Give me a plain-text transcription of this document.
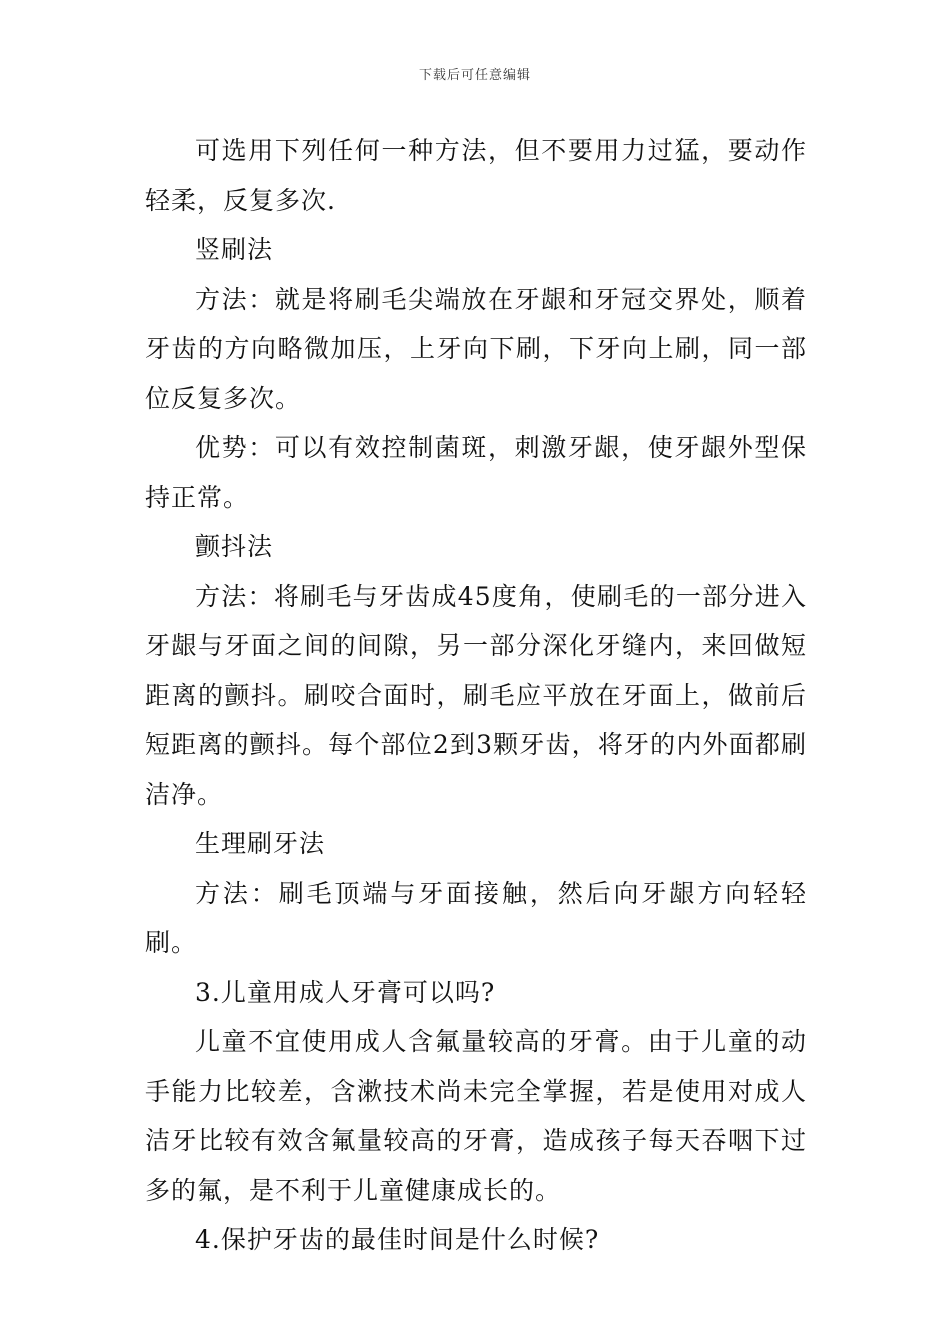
下载后可任意编辑

可选用下列任何一种方法，但不要用力过猛，要动作轻柔，反复多次.

竖刷法

方法：就是将刷毛尖端放在牙龈和牙冠交界处，顺着牙齿的方向略微加压，上牙向下刷，下牙向上刷，同一部位反复多次。

优势：可以有效控制菌斑，刺激牙龈，使牙龈外型保持正常。

颤抖法

方法：将刷毛与牙齿成45度角，使刷毛的一部分进入牙龈与牙面之间的间隙，另一部分深化牙缝内，来回做短距离的颤抖。刷咬合面时，刷毛应平放在牙面上，做前后短距离的颤抖。每个部位2到3颗牙齿，将牙的内外面都刷洁净。

生理刷牙法

方法：刷毛顶端与牙面接触，然后向牙龈方向轻轻刷。

3.儿童用成人牙膏可以吗?

儿童不宜使用成人含氟量较高的牙膏。由于儿童的动手能力比较差，含漱技术尚未完全掌握，若是使用对成人洁牙比较有效含氟量较高的牙膏，造成孩子每天吞咽下过多的氟，是不利于儿童健康成长的。

4.保护牙齿的最佳时间是什么时候?
